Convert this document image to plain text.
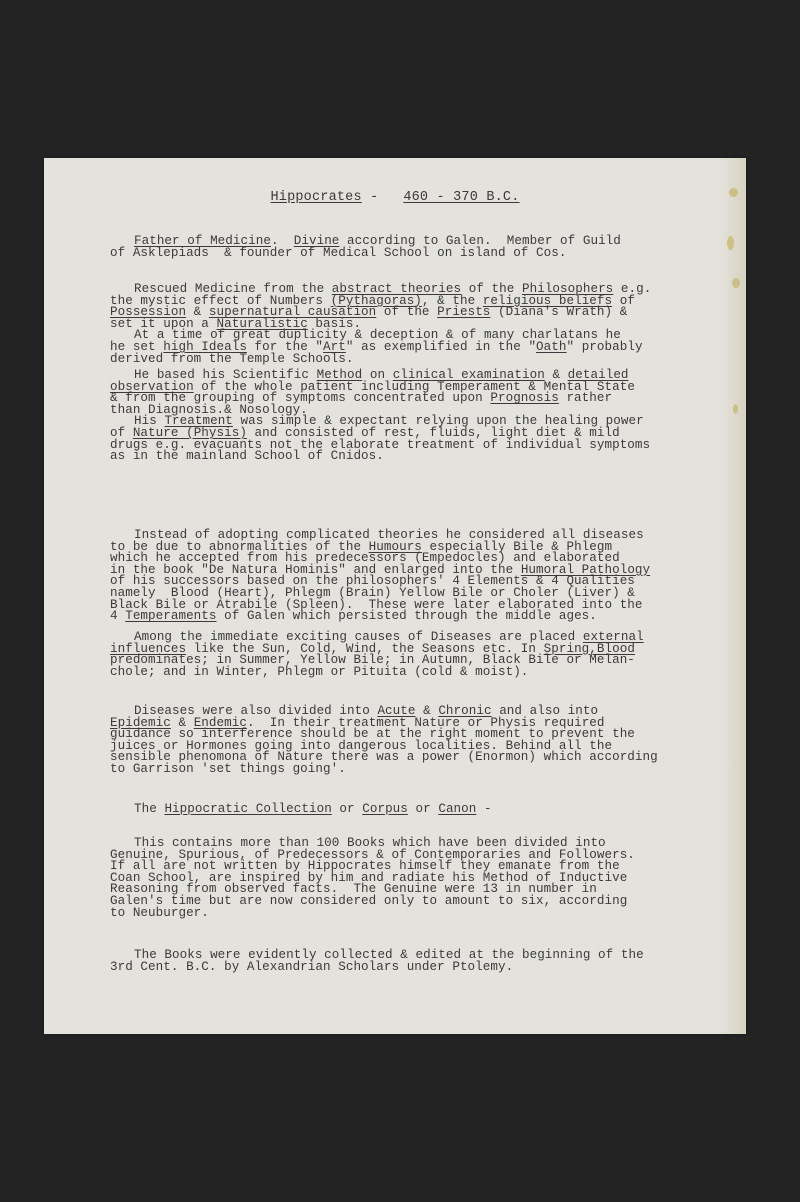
Hippocrates -   460 - 370 B.C.
Father of Medicine.  Divine according to Galen.  Member of Guild
of Asklepiads  & founder of Medical School on island of Cos.
Rescued Medicine from the abstract theories of the Philosophers e.g.
the mystic effect of Numbers (Pythagoras), & the religious beliefs of
Possession & supernatural causation of the Priests (Diana's Wrath) &
set it upon a Naturalistic basis.
At a time of great duplicity & deception & of many charlatans he
he set high Ideals for the "Art" as exemplified in the "Oath" probably
derived from the Temple Schools.
He based his Scientific Method on clinical examination & detailed
observation of the whole patient including Temperament & Mental State
& from the grouping of symptoms concentrated upon Prognosis rather
than Diagnosis.& Nosology.
His Treatment was simple & expectant relying upon the healing power
of Nature (Physis) and consisted of rest, fluids, light diet & mild
drugs e.g. evacuants not the elaborate treatment of individual symptoms
as in the mainland School of Cnidos.
Instead of adopting complicated theories he considered all diseases
to be due to abnormalities of the Humours especially Bile & Phlegm
which he accepted from his predecessors (Empedocles) and elaborated
in the book "De Natura Hominis" and enlarged into the Humoral Pathology
of his successors based on the philosophers' 4 Elements & 4 Qualities
namely  Blood (Heart), Phlegm (Brain) Yellow Bile or Choler (Liver) &
Black Bile or Atrabile (Spleen).  These were later elaborated into the
4 Temperaments of Galen which persisted through the middle ages.
Among the immediate exciting causes of Diseases are placed external
influences like the Sun, Cold, Wind, the Seasons etc. In Spring,Blood
predominates; in Summer, Yellow Bile; in Autumn, Black Bile or Melan-
chole; and in Winter, Phlegm or Pituita (cold & moist).
Diseases were also divided into Acute & Chronic and also into
Epidemic & Endemic.  In their treatment Nature or Physis required
guidance so interference should be at the right moment to prevent the
juices or Hormones going into dangerous localities. Behind all the
sensible phenomona of Nature there was a power (Enormon) which according
to Garrison 'set things going'.
The Hippocratic Collection or Corpus or Canon -
This contains more than 100 Books which have been divided into
Genuine, Spurious, of Predecessors & of Contemporaries and Followers.
If all are not written by Hippocrates himself they emanate from the
Coan School, are inspired by him and radiate his Method of Inductive
Reasoning from observed facts.  The Genuine were 13 in number in
Galen's time but are now considered only to amount to six, according
to Neuburger.
The Books were evidently collected & edited at the beginning of the
3rd Cent. B.C. by Alexandrian Scholars under Ptolemy.
